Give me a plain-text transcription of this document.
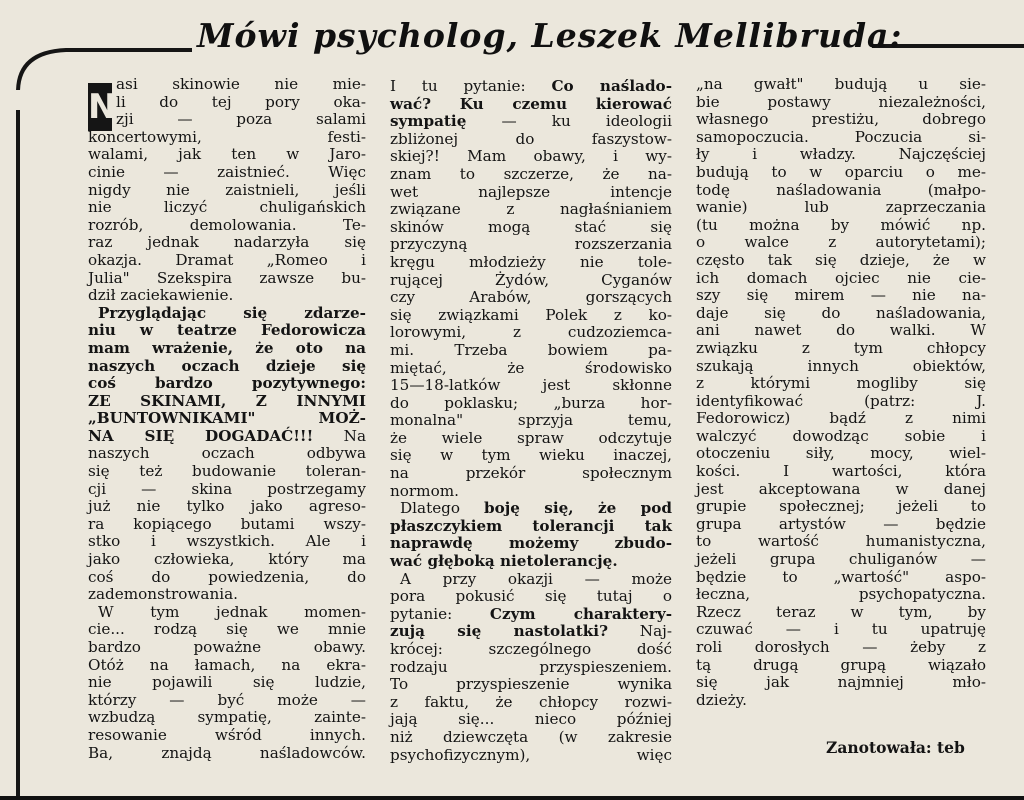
Mówi psycholog, Leszek Mellibruda:
N
asi skinowie nie mie-
li do tej pory oka-
zji — poza salami
koncertowymi, festi-
walami, jak ten w Jaro-
cinie — zaistnieć. Więc
nigdy nie zaistnieli, jeśli
nie liczyć chuligańskich
rozrób, demolowania. Te-
raz jednak nadarzyła się
okazja. Dramat „Romeo i
Julia" Szekspira zawsze bu-
dził zaciekawienie.
Przyglądając się zdarze-
niu w teatrze Fedorowicza
mam wrażenie, że oto na
naszych oczach dzieje się
coś bardzo pozytywnego:
ZE SKINAMI, Z INNYMI
„BUNTOWNIKAMI" MOŻ-
NA SIĘ DOGADAĆ!!! Na
naszych oczach odbywa
się też budowanie toleran-
cji — skina postrzegamy
już nie tylko jako agreso-
ra kopiącego butami wszy-
stko i wszystkich. Ale i
jako człowieka, który ma
coś do powiedzenia, do
zademonstrowania.
W tym jednak momen-
cie... rodzą się we mnie
bardzo poważne obawy.
Otóż na łamach, na ekra-
nie pojawili się ludzie,
którzy — być może —
wzbudzą sympatię, zainte-
resowanie wśród innych.
Ba, znajdą naśladowców.
I tu pytanie: Co naślado-
wać? Ku czemu kierować
sympatię — ku ideologii
zbliżonej do faszystow-
skiej?! Mam obawy, i wy-
znam to szczerze, że na-
wet najlepsze intencje
związane z nagłaśnianiem
skinów mogą stać się
przyczyną rozszerzania
kręgu młodzieży nie tole-
rującej Żydów, Cyganów
czy Arabów, gorszących
się związkami Polek z ko-
lorowymi, z cudzoziemca-
mi. Trzeba bowiem pa-
miętać, że środowisko
15—18-latków jest skłonne
do poklasku; „burza hor-
monalna" sprzyja temu,
że wiele spraw odczytuje
się w tym wieku inaczej,
na przekór społecznym
normom.
Dlatego boję się, że pod
płaszczykiem tolerancji tak
naprawdę możemy zbudo-
wać głęboką nietolerancję.
A przy okazji — może
pora pokusić się tutaj o
pytanie: Czym charaktery-
zują się nastolatki? Naj-
krócej: szczególnego dość
rodzaju przyspieszeniem.
To przyspieszenie wynika
z faktu, że chłopcy rozwi-
jają się... nieco później
niż dziewczęta (w zakresie
psychofizycznym), więc
„na gwałt" budują u sie-
bie postawy niezależności,
własnego prestiżu, dobrego
samopoczucia. Poczucia si-
ły i władzy. Najczęściej
budują to w oparciu o me-
todę naśladowania (małpo-
wanie) lub zaprzeczania
(tu można by mówić np.
o walce z autorytetami);
często tak się dzieje, że w
ich domach ojciec nie cie-
szy się mirem — nie na-
daje się do naśladowania,
ani nawet do walki. W
związku z tym chłopcy
szukają innych obiektów,
z którymi mogliby się
identyfikować (patrz: J.
Fedorowicz) bądź z nimi
walczyć dowodząc sobie i
otoczeniu siły, mocy, wiel-
kości. I wartości, która
jest akceptowana w danej
grupie społecznej; jeżeli to
grupa artystów — będzie
to wartość humanistyczna,
jeżeli grupa chuliganów —
będzie to „wartość" aspo-
łeczna, psychopatyczna.
Rzecz teraz w tym, by
czuwać — i tu upatruję
roli dorosłych — żeby z
tą drugą grupą wiązało
się jak najmniej mło-
dzieży.
Zanotowała: teb
